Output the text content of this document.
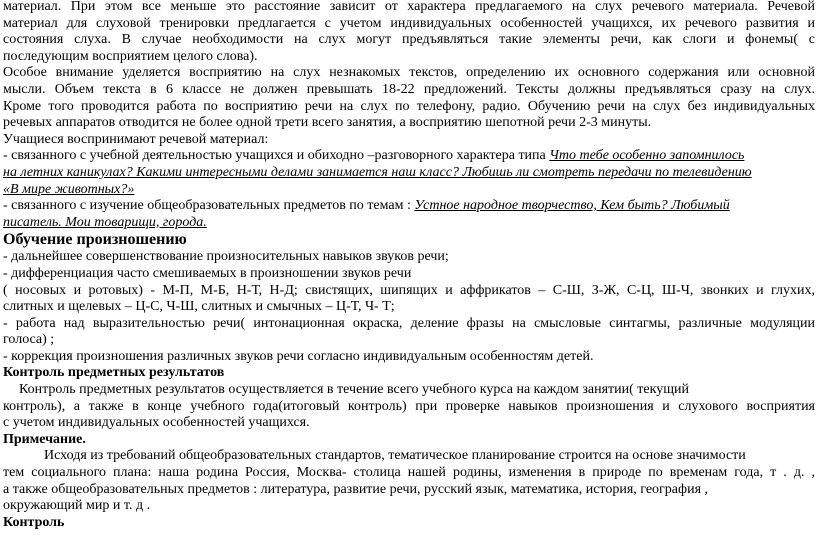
материал. При этом все меньше это расстояние зависит от характера предлагаемого на слух речевого материала. Речевой
материал для слуховой тренировки предлагается с учетом индивидуальных особенностей учащихся, их речевого развития и
состояния слуха. В случае необходимости на слух могут предъявляться такие элементы речи, как слоги и фонемы( с
последующим восприятием целого слова).
Особое внимание уделяется восприятию на слух незнакомых текстов, определению их основного содержания или основной
мысли. Объем текста в 6 классе не должен превышать 18-22 предложений. Тексты должны предъявляться сразу на слух.
Кроме того проводится работа по восприятию речи на слух по телефону, радио. Обучению речи на слух без индивидуальных
речевых аппаратов отводится не более одной трети всего занятия, а восприятию шепотной речи 2-3 минуты.
Учащиеся воспринимают речевой материал:
- связанного с учебной деятельностью учащихся и обиходно –разговорного характера типа Что тебе особенно запомнилось
на летних каникулах? Какими интересными делами занимается наш класс? Любишь ли смотреть передачи по телевидению
«В мире животных?»
- связанного с изучение общеобразовательных предметов по темам : Устное народное творчество, Кем быть? Любимый
писатель. Мои товарищи, города.
Обучение произношению
- дальнейшее совершенствование произносительных навыков звуков речи;
- дифференциация часто смешиваемых в произношении звуков речи
( носовых и ротовых) - М-П, М-Б, Н-Т, Н-Д; свистящих, шипящих и аффрикатов – С-Ш, З-Ж, С-Ц, Ш-Ч, звонких и глухих,
слитных и щелевых – Ц-С, Ч-Ш, слитных и смычных – Ц-Т, Ч- Т;
- работа над выразительностью речи( интонационная окраска, деление фразы на смысловые синтагмы, различные модуляции
голоса) ;
- коррекция произношения различных звуков речи согласно индивидуальным особенностям детей.
Контроль предметных результатов
Контроль предметных результатов осуществляется в течение всего учебного курса на каждом занятии( текущий
контроль), а также в конце учебного года(итоговый контроль) при проверке навыков произношения и слухового восприятия
с учетом индивидуальных особенностей учащихся.
Примечание.
Исходя из требований общеобразовательных стандартов, тематическое планирование строится на основе значимости
тем социального плана: наша родина Россия, Москва- столица нашей родины, изменения в природе по временам года, т . д. ,
а также общеобразовательных предметов : литература, развитие речи, русский язык, математика, история, география ,
окружающий мир и т. д .
Контроль
